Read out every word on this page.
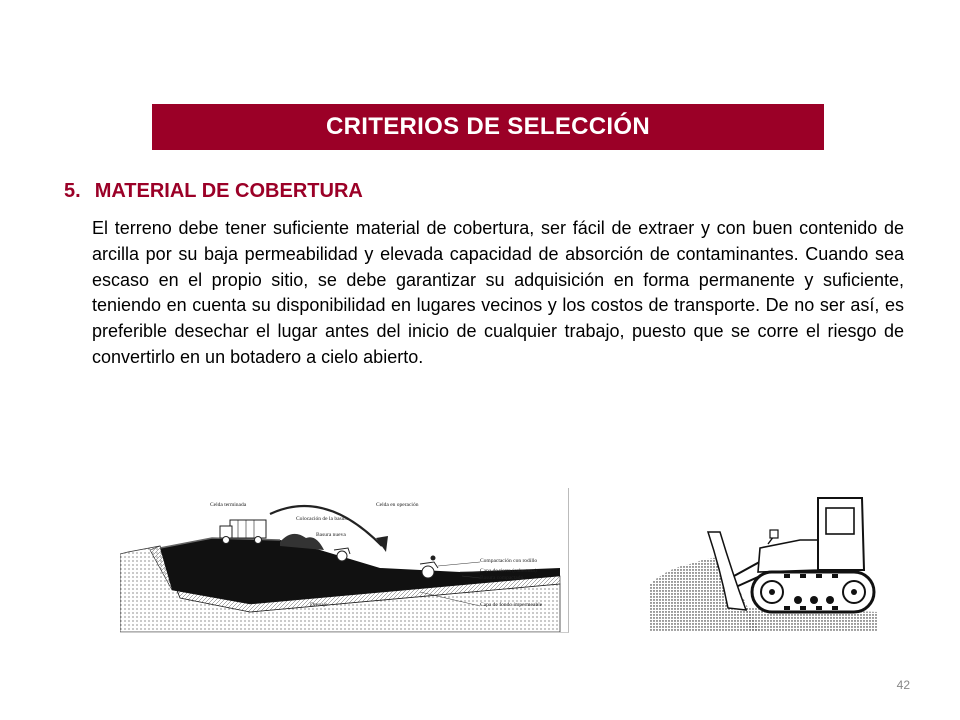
CRITERIOS DE SELECCIÓN
5. MATERIAL DE COBERTURA
El terreno debe tener suficiente material de cobertura, ser fácil de extraer y con buen contenido de arcilla por su baja permeabilidad y elevada capacidad de absorción de contaminantes. Cuando sea escaso en el propio sitio, se debe garantizar su adquisición en forma permanente y suficiente, teniendo en cuenta su disponibilidad en lugares vecinos y los costos de transporte. De no ser así, es preferible desechar el lugar antes del inicio de cualquier trabajo, puesto que se corre el riesgo de convertirlo en un botadero a cielo abierto.
Celda terminada	Celda en operación
Colocación de la basura
Basura nueva
Compactación con rodillo
Capa de tierra (cobertura)
Basura compactada
Capa de fondo impermeable
Drenaje
42
